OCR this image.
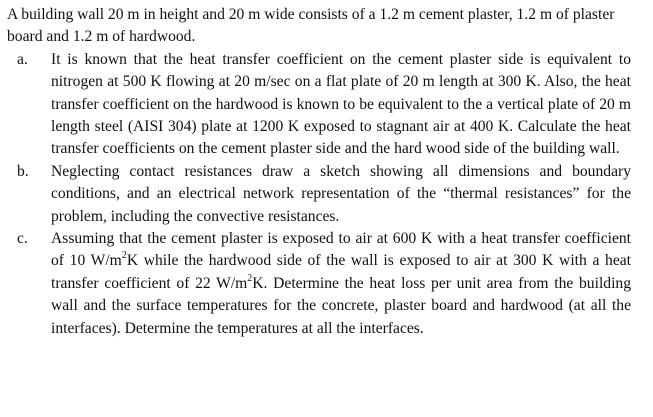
A building wall 20 m in height and 20 m wide consists of a 1.2 m cement plaster, 1.2 m of plaster board and 1.2 m of hardwood.

a. It is known that the heat transfer coefficient on the cement plaster side is equivalent to nitrogen at 500 K flowing at 20 m/sec on a flat plate of 20 m length at 300 K. Also, the heat transfer coefficient on the hardwood is known to be equivalent to the a vertical plate of 20 m length steel (AISI 304) plate at 1200 K exposed to stagnant air at 400 K. Calculate the heat transfer coefficients on the cement plaster side and the hard wood side of the building wall.
b. Neglecting contact resistances draw a sketch showing all dimensions and boundary conditions, and an electrical network representation of the “thermal resistances” for the problem, including the convective resistances.
c. Assuming that the cement plaster is exposed to air at 600 K with a heat transfer coefficient of 10 $W/m^2K$ while the hardwood side of the wall is exposed to air at 300 K with a heat transfer coefficient of 22 $W/m^2K$. Determine the heat loss per unit area from the building wall and the surface temperatures for the concrete, plaster board and hardwood (at all the interfaces). Determine the temperatures at all the interfaces.
